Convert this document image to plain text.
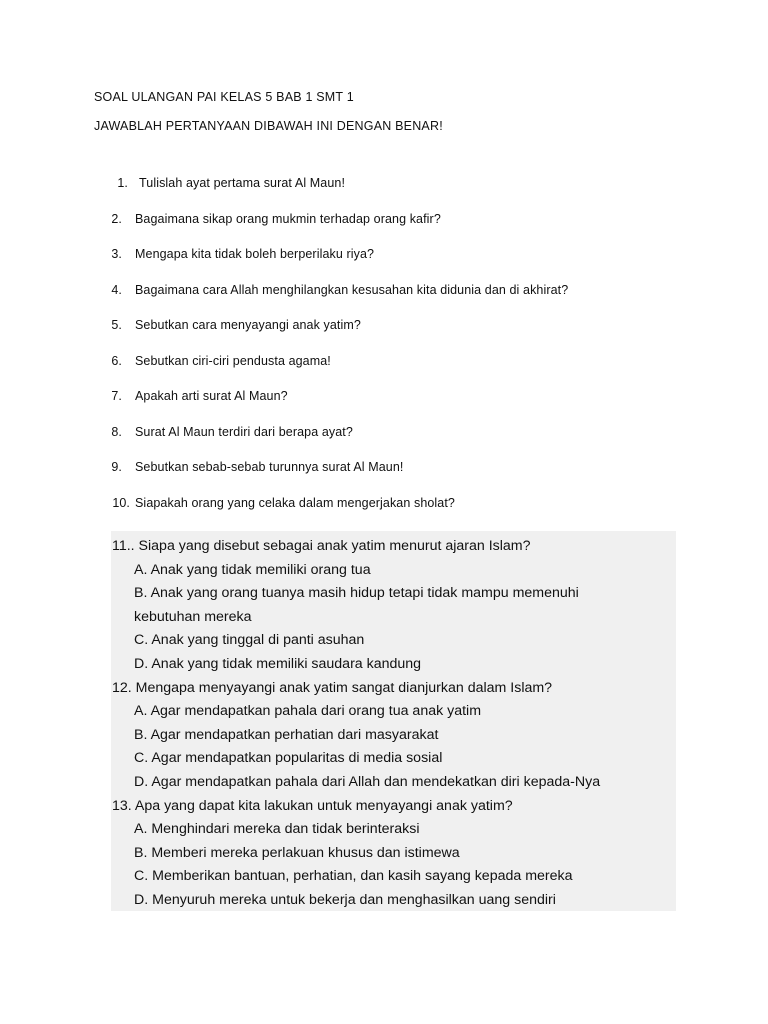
SOAL ULANGAN PAI KELAS 5 BAB 1 SMT 1
JAWABLAH PERTANYAAN DIBAWAH INI DENGAN BENAR!
1. Tulislah ayat pertama surat Al Maun!
2. Bagaimana sikap orang mukmin terhadap orang kafir?
3. Mengapa kita tidak boleh berperilaku riya?
4. Bagaimana cara Allah menghilangkan kesusahan kita didunia dan di akhirat?
5. Sebutkan cara menyayangi anak yatim?
6. Sebutkan ciri-ciri pendusta agama!
7. Apakah arti surat Al Maun?
8. Surat Al Maun terdiri dari berapa ayat?
9. Sebutkan sebab-sebab turunnya surat Al Maun!
10. Siapakah orang yang celaka dalam mengerjakan sholat?
11.. Siapa yang disebut sebagai anak yatim menurut ajaran Islam?
A. Anak yang tidak memiliki orang tua
B. Anak yang orang tuanya masih hidup tetapi tidak mampu memenuhi
kebutuhan mereka
C. Anak yang tinggal di panti asuhan
D. Anak yang tidak memiliki saudara kandung
12. Mengapa menyayangi anak yatim sangat dianjurkan dalam Islam?
A. Agar mendapatkan pahala dari orang tua anak yatim
B. Agar mendapatkan perhatian dari masyarakat
C. Agar mendapatkan popularitas di media sosial
D. Agar mendapatkan pahala dari Allah dan mendekatkan diri kepada-Nya
13. Apa yang dapat kita lakukan untuk menyayangi anak yatim?
A. Menghindari mereka dan tidak berinteraksi
B. Memberi mereka perlakuan khusus dan istimewa
C. Memberikan bantuan, perhatian, dan kasih sayang kepada mereka
D. Menyuruh mereka untuk bekerja dan menghasilkan uang sendiri
